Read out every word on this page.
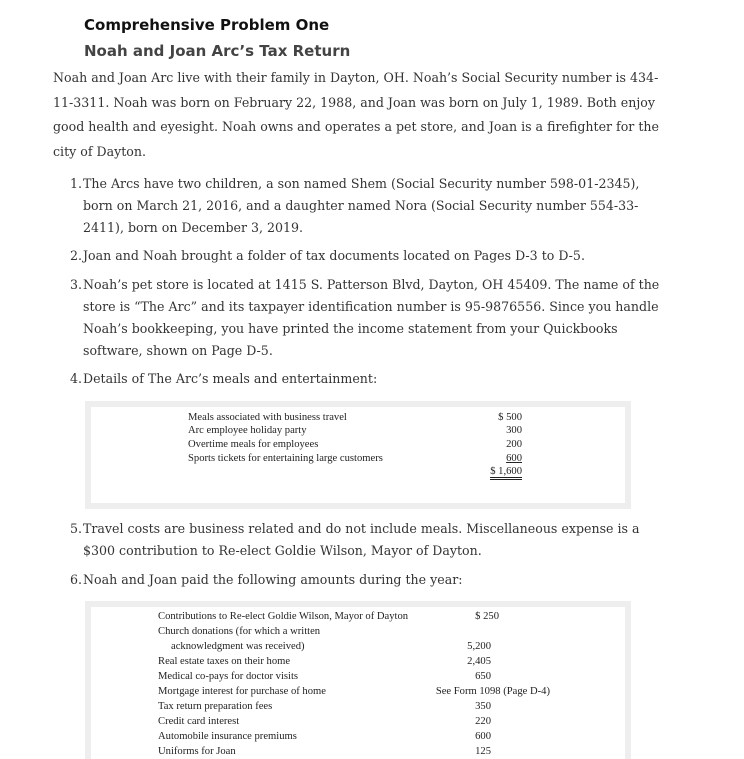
Comprehensive Problem One
Noah and Joan Arc’s Tax Return
Noah and Joan Arc live with their family in Dayton, OH. Noah’s Social Security number is 434-11-3311. Noah was born on February 22, 1988, and Joan was born on July 1, 1989. Both enjoy good health and eyesight. Noah owns and operates a pet store, and Joan is a firefighter for the city of Dayton.
1. The Arcs have two children, a son named Shem (Social Security number 598-01-2345), born on March 21, 2016, and a daughter named Nora (Social Security number 554-33-2411), born on December 3, 2019.
2. Joan and Noah brought a folder of tax documents located on Pages D-3 to D-5.
3. Noah’s pet store is located at 1415 S. Patterson Blvd, Dayton, OH 45409. The name of the store is “The Arc” and its taxpayer identification number is 95-9876556. Since you handle Noah’s bookkeeping, you have printed the income statement from your Quickbooks software, shown on Page D-5.
4. Details of The Arc’s meals and entertainment:
Meals associated with business travel	$ 500
Arc employee holiday party	300
Overtime meals for employees	200
Sports tickets for entertaining large customers	600
$ 1,600
5. Travel costs are business related and do not include meals. Miscellaneous expense is a $300 contribution to Re-elect Goldie Wilson, Mayor of Dayton.
6. Noah and Joan paid the following amounts during the year:
Contributions to Re-elect Goldie Wilson, Mayor of Dayton	$ 250
Church donations (for which a written
acknowledgment was received)	5,200
Real estate taxes on their home	2,405
Medical co-pays for doctor visits	650
Mortgage interest for purchase of home	See Form 1098 (Page D-4)
Tax return preparation fees	350
Credit card interest	220
Automobile insurance premiums	600
Uniforms for Joan	125
